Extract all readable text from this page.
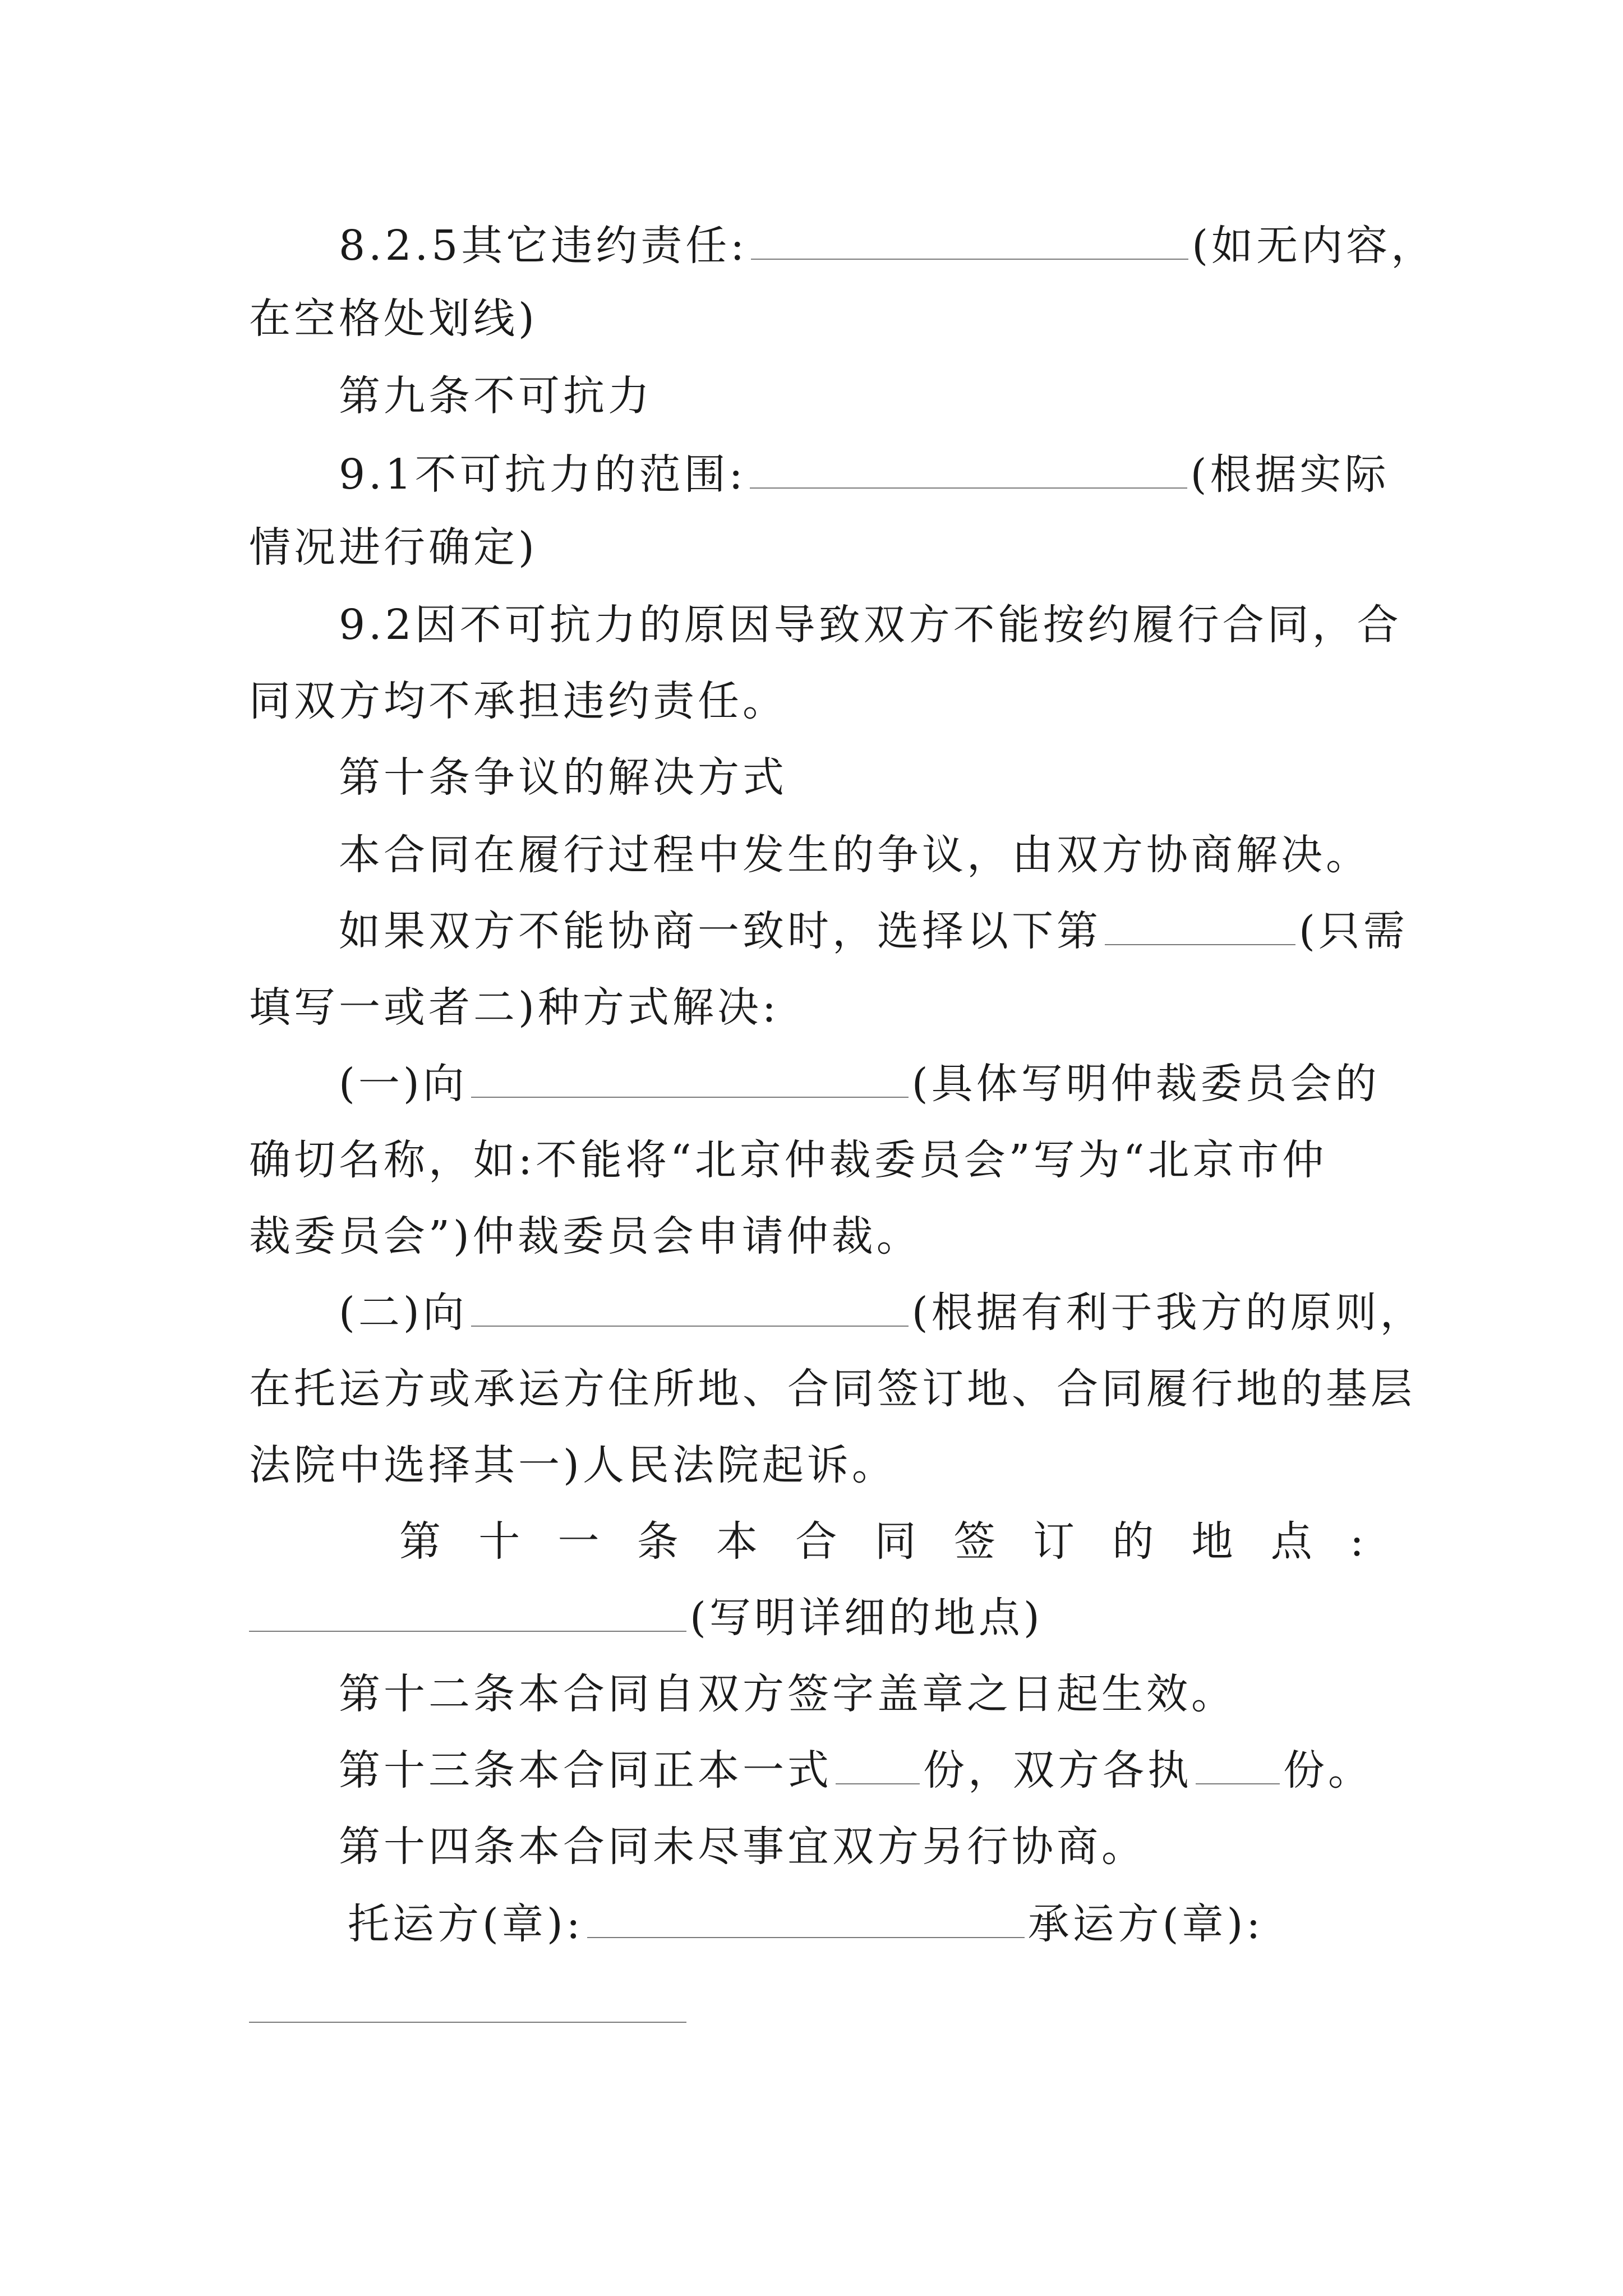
8.2.5其它违约责任:	(如无内容，
在空格处划线)
第九条不可抗力
9.1不可抗力的范围:	(根据实际
情况进行确定)
9.2因不可抗力的原因导致双方不能按约履行合同，合
同双方均不承担违约责任。
第十条争议的解决方式
本合同在履行过程中发生的争议，由双方协商解决。
如果双方不能协商一致时，选择以下第	(只需
填写一或者二)种方式解决:
(一)向	(具体写明仲裁委员会的
确切名称，如:不能将“北京仲裁委员会”写为“北京市仲
裁委员会”)仲裁委员会申请仲裁。
(二)向	(根据有利于我方的原则，
在托运方或承运方住所地、合同签订地、合同履行地的基层
法院中选择其一)人民法院起诉。
第 十 一 条 本 合 同 签 订 的 地 点 :
(写明详细的地点)
第十二条本合同自双方签字盖章之日起生效。
第十三条本合同正本一式 份，双方各执 份。
第十四条本合同未尽事宜双方另行协商。
托运方(章):	承运方(章):
